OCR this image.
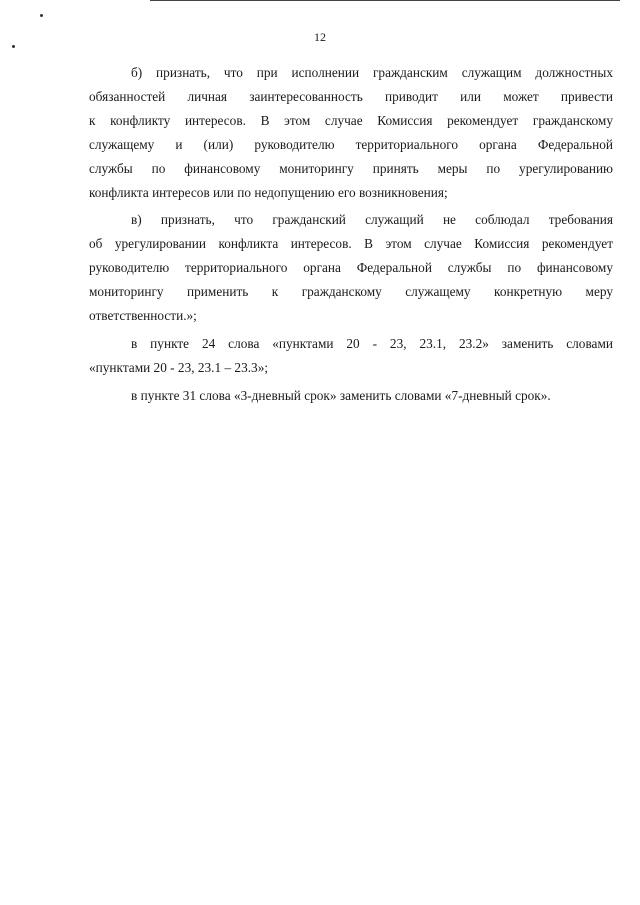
12
б) признать, что при исполнении гражданским служащим должностных
обязанностей личная заинтересованность приводит или может привести
к конфликту интересов. В этом случае Комиссия рекомендует гражданскому
служащему и (или) руководителю территориального органа Федеральной
службы по финансовому мониторингу принять меры по урегулированию
конфликта интересов или по недопущению его возникновения;
в) признать, что гражданский служащий не соблюдал требования
об урегулировании конфликта интересов. В этом случае Комиссия рекомендует
руководителю территориального органа Федеральной службы по финансовому
мониторингу применить к гражданскому служащему конкретную меру
ответственности.»;
в пункте 24 слова «пунктами 20 - 23, 23.1, 23.2» заменить словами
«пунктами 20 - 23, 23.1 – 23.3»;
в пункте 31 слова «3-дневный срок» заменить словами «7-дневный срок».
